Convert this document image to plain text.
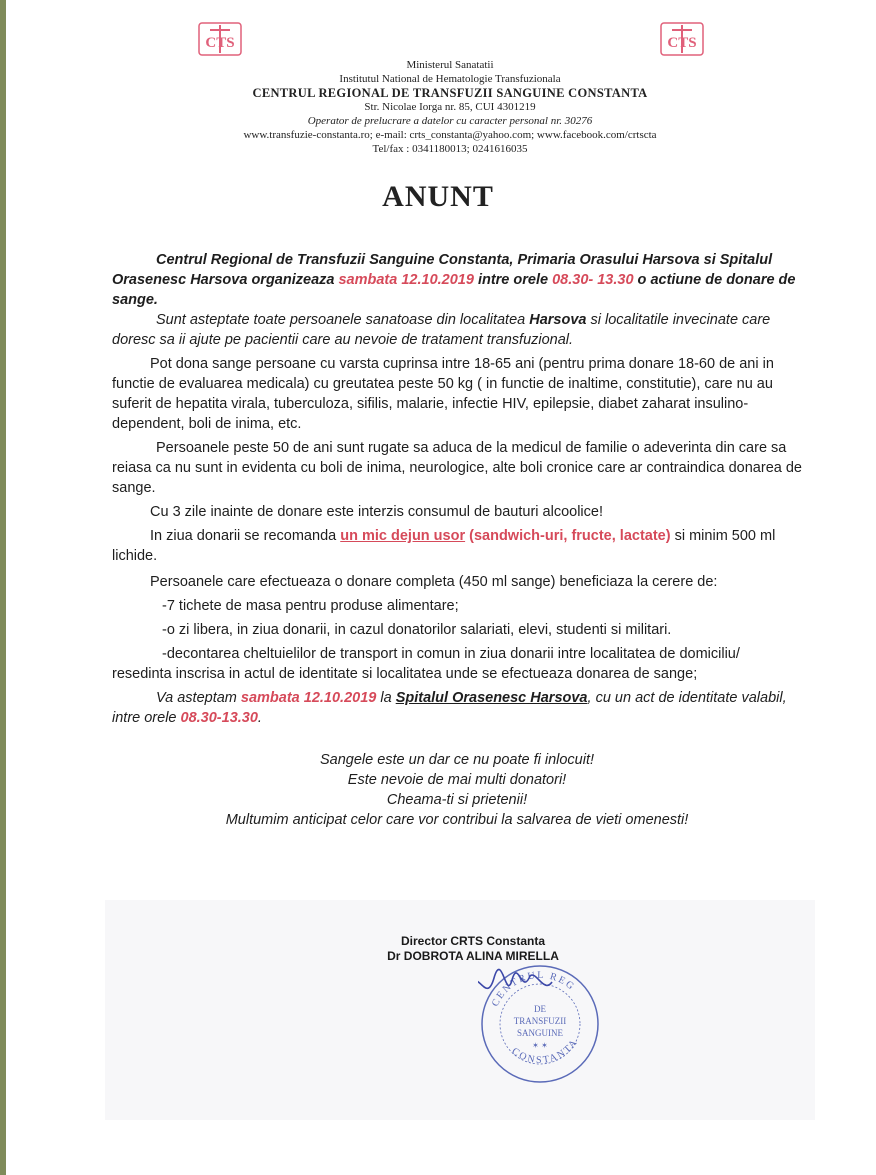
CTS	CTS
Ministerul Sanatatii
Institutul National de Hematologie Transfuzionala
CENTRUL REGIONAL DE TRANSFUZII SANGUINE CONSTANTA
Str. Nicolae Iorga nr. 85, CUI 4301219
Operator de prelucrare a datelor cu caracter personal nr. 30276
www.transfuzie-constanta.ro; e-mail: crts_constanta@yahoo.com; www.facebook.com/crtscta
Tel/fax : 0341180013; 0241616035
ANUNT

Centrul Regional de Transfuzii Sanguine Constanta, Primaria Orasului Harsova si Spitalul Orasenesc Harsova organizeaza sambata 12.10.2019 intre orele 08.30- 13.30 o actiune de donare de sange.

Sunt asteptate toate persoanele sanatoase din localitatea Harsova si localitatile invecinate care doresc sa ii ajute pe pacientii care au nevoie de tratament transfuzional.

Pot dona sange persoane cu varsta cuprinsa intre 18-65 ani (pentru prima donare 18-60 de ani in functie de evaluarea medicala) cu greutatea peste 50 kg ( in functie de inaltime, constitutie), care nu au suferit de hepatita virala, tuberculoza, sifilis, malarie, infectie HIV, epilepsie, diabet zaharat insulino-dependent, boli de inima, etc.

Persoanele peste 50 de ani sunt rugate sa aduca de la medicul de familie o adeverinta din care sa reiasa ca nu sunt in evidenta cu boli de inima, neurologice, alte boli cronice care ar contraindica donarea de sange.

Cu 3 zile inainte de donare este interzis consumul de bauturi alcoolice!

In ziua donarii se recomanda un mic dejun usor (sandwich-uri, fructe, lactate) si minim 500 ml lichide.

Persoanele care efectueaza o donare completa (450 ml sange) beneficiaza la cerere de:

-7 tichete de masa pentru produse alimentare;

-o zi libera, in ziua donarii, in cazul donatorilor salariati, elevi, studenti si militari.

-decontarea cheltuielilor de transport in comun in ziua donarii intre localitatea de domiciliu/ resedinta inscrisa in actul de identitate si localitatea unde se efectueaza donarea de sange;

Va asteptam sambata 12.10.2019 la Spitalul Orasenesc Harsova, cu un act de identitate valabil, intre orele 08.30-13.30.

Sangele este un dar ce nu poate fi inlocuit!

Este nevoie de mai multi donatori!

Cheama-ti si prietenii!

Multumim anticipat celor care vor contribui la salvarea de vieti omenesti!

Director CRTS Constanta
Dr DOBROTA ALINA MIRELLA
CENTRUL REG
CONSTANTA
DE
TRANSFUZII
SANGUINE
✶ ✶
